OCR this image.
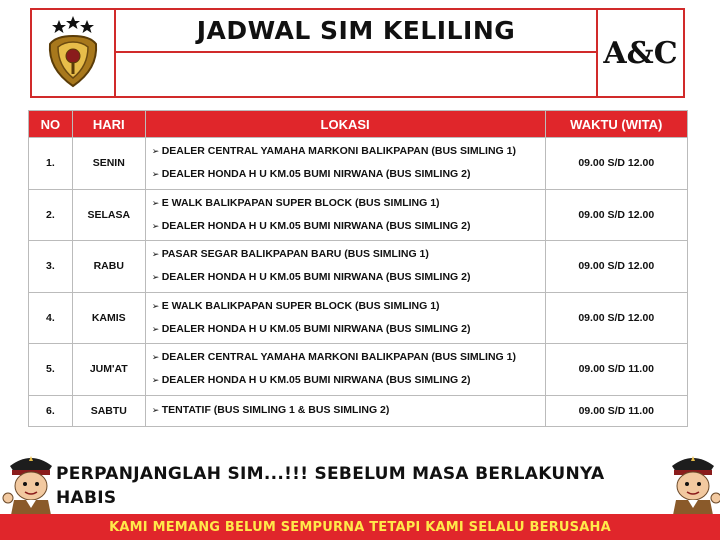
JADWAL SIM KELILING
A&C
NO	HARI	LOKASI	WAKTU (WITA)
1.	SENIN	➢ DEALER CENTRAL YAMAHA MARKONI BALIKPAPAN (BUS SIMLING 1)
➢ DEALER HONDA H U KM.05 BUMI NIRWANA (BUS SIMLING 2)	09.00 S/D 12.00
2.	SELASA	➢ E WALK BALIKPAPAN SUPER BLOCK (BUS SIMLING 1)
➢ DEALER HONDA H U KM.05 BUMI NIRWANA (BUS SIMLING 2)	09.00 S/D 12.00
3.	RABU	➢ PASAR SEGAR BALIKPAPAN BARU (BUS SIMLING 1)
➢ DEALER HONDA H U KM.05 BUMI NIRWANA (BUS SIMLING 2)	09.00 S/D 12.00
4.	KAMIS	➢ E WALK BALIKPAPAN SUPER BLOCK (BUS SIMLING 1)
➢ DEALER HONDA H U KM.05 BUMI NIRWANA (BUS SIMLING 2)	09.00 S/D 12.00
5.	JUM'AT	➢ DEALER CENTRAL YAMAHA MARKONI BALIKPAPAN (BUS SIMLING 1)
➢ DEALER HONDA H U KM.05 BUMI NIRWANA (BUS SIMLING 2)	09.00 S/D 11.00
6.	SABTU	➢ TENTATIF (BUS SIMLING 1 & BUS SIMLING 2)	09.00 S/D 11.00
PERPANJANGLAH SIM...!!! SEBELUM MASA BERLAKUNYA
HABIS
KAMI MEMANG BELUM SEMPURNA TETAPI KAMI SELALU BERUSAHA
